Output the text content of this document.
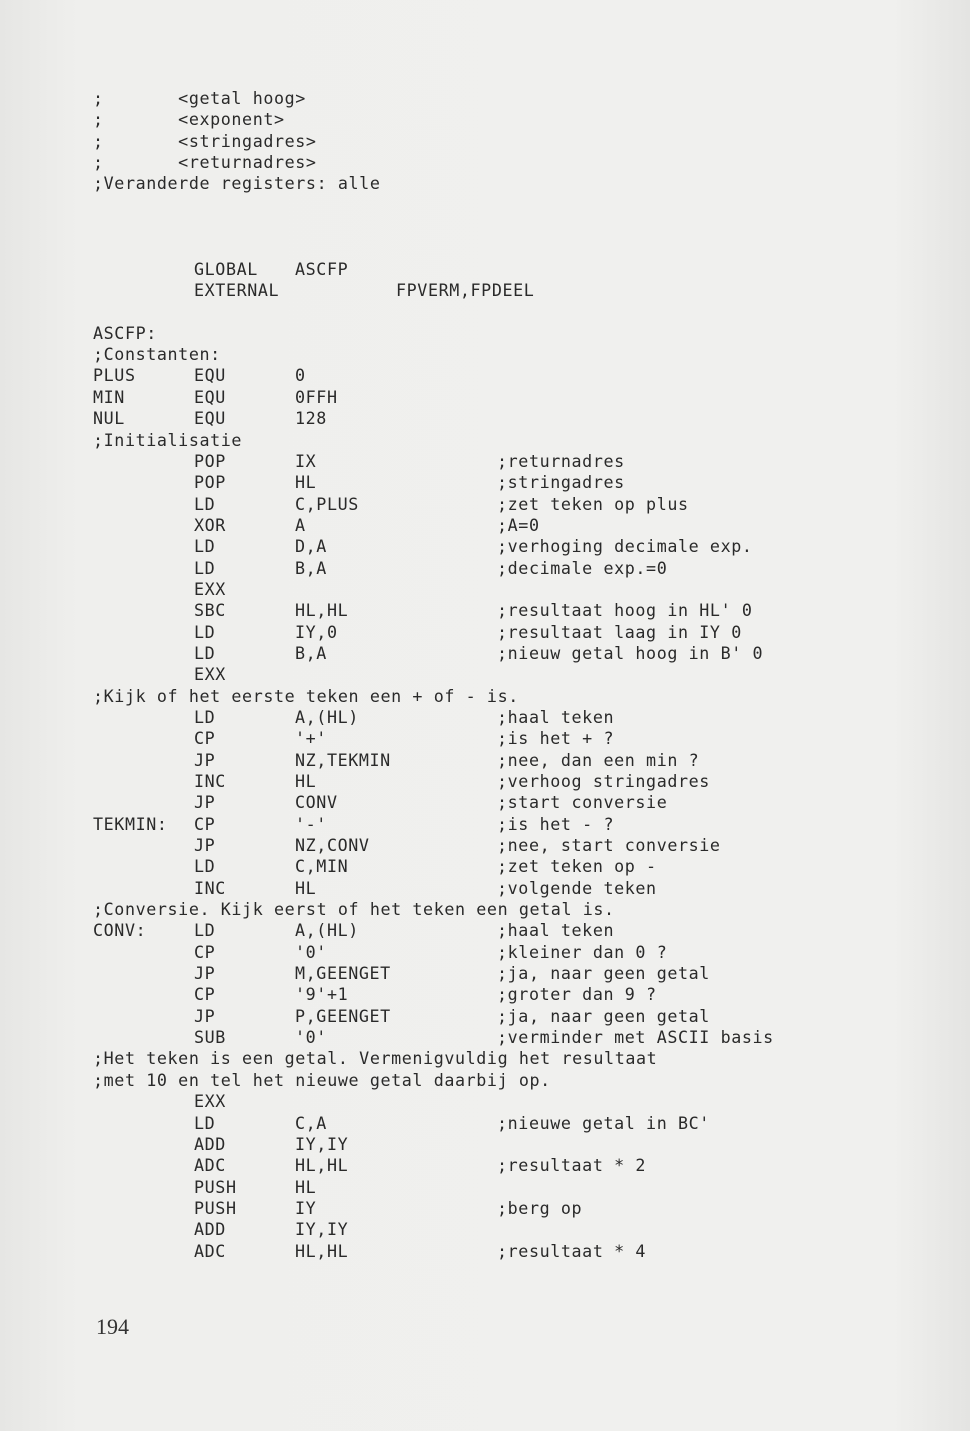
;       <getal hoog>
;       <exponent>
;       <stringadres>
;       <returnadres>
;Veranderde registers: alle
GLOBAL ASCFP
EXTERNAL	FPVERM,FPDEEL
ASCFP:
;Constanten:
PLUS	EQU	0
MIN	EQU	0FFH
NUL	EQU	128
;Initialisatie
POP	IX	;returnadres
POP	HL	;stringadres
LD	C,PLUS	;zet teken op plus
XOR	A	;A=0
LD	D,A	;verhoging decimale exp.
LD	B,A	;decimale exp.=0
EXX
SBC	HL,HL	;resultaat hoog in HL' 0
LD	IY,0	;resultaat laag in IY 0
LD	B,A	;nieuw getal hoog in B' 0
EXX
;Kijk of het eerste teken een + of - is.
LD	A,(HL)	;haal teken
CP	'+'	;is het + ?
JP	NZ,TEKMIN	;nee, dan een min ?
INC	HL	;verhoog stringadres
JP	CONV	;start conversie
TEKMIN: CP	'-'	;is het - ?
JP	NZ,CONV	;nee, start conversie
LD	C,MIN	;zet teken op -
INC	HL	;volgende teken
;Conversie. Kijk eerst of het teken een getal is.
CONV:	LD	A,(HL)	;haal teken
CP	'0'	;kleiner dan 0 ?
JP	M,GEENGET	;ja, naar geen getal
CP	'9'+1	;groter dan 9 ?
JP	P,GEENGET	;ja, naar geen getal
SUB	'0'	;verminder met ASCII basis
;Het teken is een getal. Vermenigvuldig het resultaat
;met 10 en tel het nieuwe getal daarbij op.
EXX
LD	C,A	;nieuwe getal in BC'
ADD	IY,IY
ADC	HL,HL	;resultaat * 2
PUSH	HL
PUSH	IY	;berg op
ADD	IY,IY
ADC	HL,HL	;resultaat * 4
194
